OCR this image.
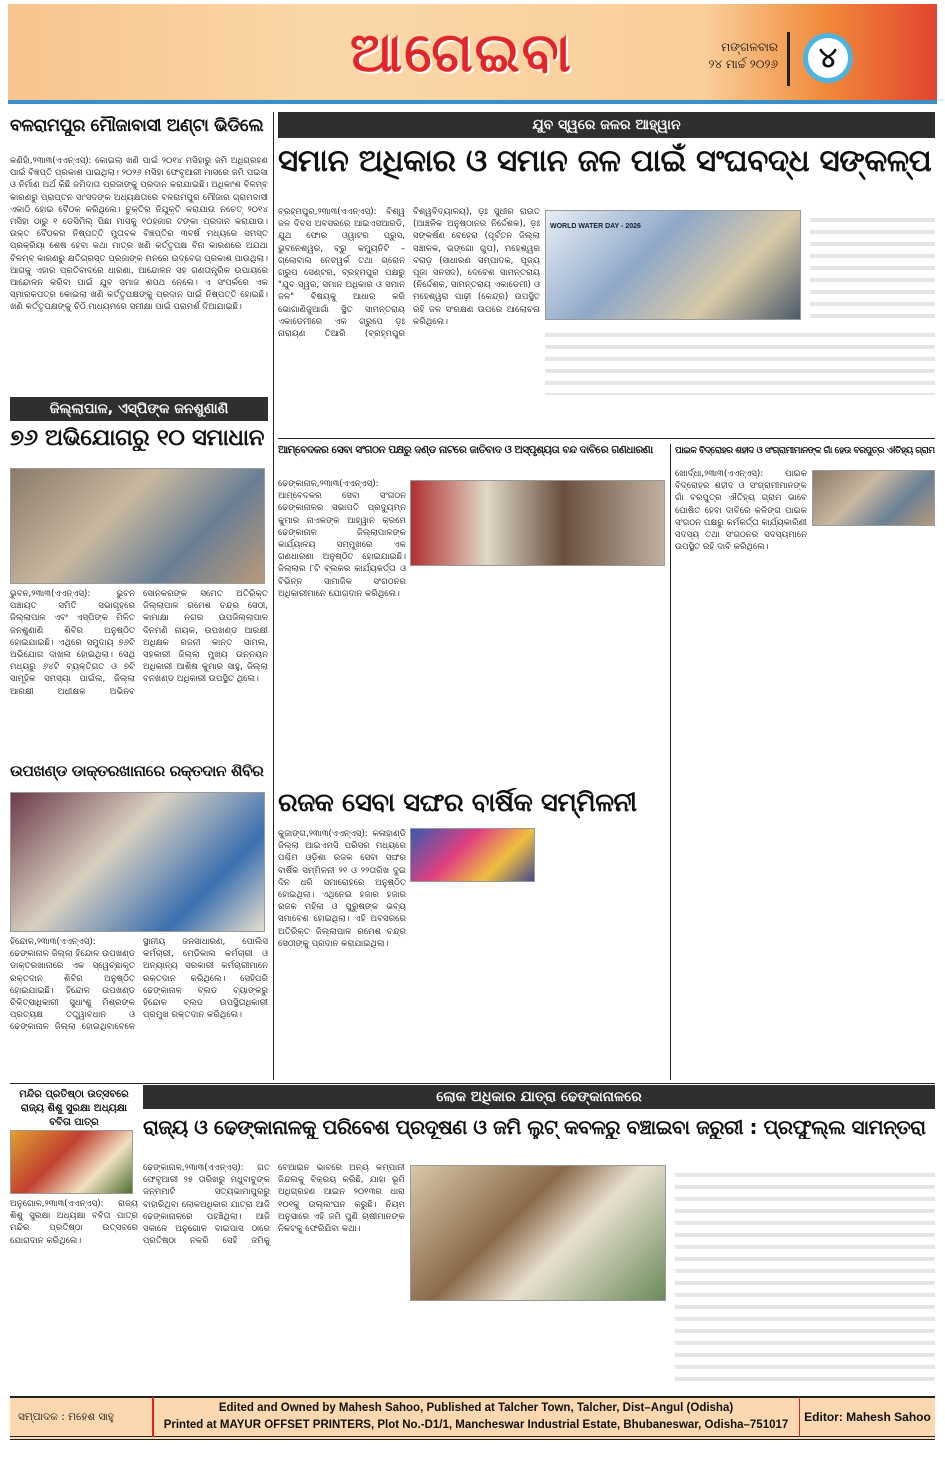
ଆଗେଇବା	ମଙ୍ଗଳବାର
୨୪ ମାର୍ଚ୍ଚ ୨୦୨୬	୪
ବଳରାମପୁର ମୌଜାବାସୀ ଅଣ୍ଟା ଭିଡିଲେ
କଣିହାଁ,୨୩ା୩(ଏଏନ୍‌ଏସ୍‌): କୋଇଲା ଖଣି ପାଇଁ ୨୦୧୪ ମସିହାରୁ ଜମି ଅଧିଗ୍ରହଣ ପାଇଁ ବିଜ୍ଞପ୍ତି ପ୍ରକାଶ ପାଇଥିଲା। ୨୦୨୬ ମସିହା ଫେବୃଆରୀ ମାସରେ ଜମି ପଇସା ଓ ନିର୍ମାଣ ଅର୍ଥ କିଛି ଜମିଦାତା ପ୍ରଜାଙ୍କୁ ପ୍ରଦାନ କରାଯାଇଛି। ଅଧିକାଂଶ ବିଳମ୍ବ କାରଣରୁ ପ୍ରାପ୍ତନ ସାଂସଦଙ୍କ ଅଧ୍ୟକ୍ଷତାରେ ବଳରାମପୁର ମୌଜାର ଗ୍ରାମବାସୀ ଏକାଠି ହୋଇ ବୈଠକ କରିଥିଲେ। ଚୁକ୍ତିର ନିଯୁକ୍ତି କରାଯାଉ ନଚେତ୍ ୨୦୧୪ ମସିହା ଠାରୁ ୧ ଡେସିମିଲ୍ ପିଛା ମାସକୁ ୧୦ହଜାର ଟଙ୍କା ପ୍ରଦାନ କରାଯାଉ। ଉକ୍ତ ବୈଠକର ନିଷ୍ପତ୍ତି ମୁତାବକ ବିଜ୍ଞପ୍ତିର ୩ବର୍ଷ ମଧ୍ୟରେ ସମସ୍ତ ପ୍ରକ୍ରିୟା ଶେଷ ହେବା କଥା ମାତ୍ର ଖଣି କର୍ତ୍ତୃପକ୍ଷ ବିନା କାରଣରେ ଅଯଥା ବିଳମ୍ବ କାରଣରୁ କ୍ଷତିଗ୍ରସ୍ତ ପ୍ରଜାଙ୍କ ମନରେ ଉଦ୍‌ବେଗ ପ୍ରକାଶ ପାଉଥିଲା। ଆଗକୁ ଏହାର ପ୍ରତିବାଦରେ ଧାରଣା, ଆନ୍ଦୋଳନ ସହ ଗଣତାନ୍ତ୍ରିକ ଉପାୟରେ ଆନ୍ଦୋଳନ କରିବା ପାଇଁ ଯୁବ ସମାଜ ଶପଥ ନେଲେ। ଏ ସଂପର୍କରେ ଏକ ସ୍ମାରକପତ୍ର କୋଇଲା ଖଣି କର୍ତ୍ତୃପକ୍ଷଙ୍କୁ ପ୍ରଦାନ ପାଇଁ ନିଷ୍ପତ୍ତି ହୋଇଛି। ଖଣି କର୍ତ୍ତୃପକ୍ଷଙ୍କୁ ଚିଠି ମାଧ୍ୟମରେ ସମୀକ୍ଷା ପାଇଁ ପରାମର୍ଶ ଦିଆଯାଇଛି।
ଜିଲ୍ଲାପାଳ, ଏସ୍‌ପିଙ୍କ ଜନଶୁଣାଣି
୭୬ ଅଭିଯୋଗରୁ ୧୦ ସମାଧାନ
ଭୁବନ,୨୩ା୩(ଏଏନ୍‌ଏସ୍‌): ଭୁବନ ପଞ୍ଚାୟତ ସମିତି ସଭାଗୃହରେ ଜିଲ୍ଲାପାଳ ଏବଂ ଏସ୍‌ପିଙ୍କ ମିଳିତ ଜନଶୁଣାଣି ଶିବିର ଅନୁଷ୍ଠିତ ହୋଇଯାଇଛି। ଏଥିରେ ସମୁଦାୟ ୭୬ଟି ଅଭିଯୋଗ ଦାଖଲ ହୋଇଥିଲା। ସେଥି ମଧ୍ୟରୁ ୬୪ଟି ବ୍ୟକ୍ତିଗତ ଓ ୭ଟି ସାମୂହିକ ସମସ୍ୟା ପାଇଁଲ, ଜିଲ୍ଲା ଆରକ୍ଷୀ ଅଧୀକ୍ଷକ ଅଭିନବ ସୋନକରଙ୍କ ସମେତ ଅତିରିକ୍ତ ଜିଲ୍ଲାପାଳ ରମେଶ ଚନ୍ଦ୍ର ସେଠୀ, କାମାକ୍ଷା ନଗର ଉପଜିଲ୍ଲାପାଳ ଦିନମଣି ନାୟକ, ଉପଖଣ୍ଡ ଆରକ୍ଷୀ ଅଧିକ୍ଷକ ରଜନୀ କାନ୍ତ ସାମଲ, ସହକାରୀ ଜିଲ୍ଲା ମୁଖ୍ୟ ଉନ୍ନୟନ ଅଧିକାରୀ ଆଶିଷ କୁମାର ସାହୁ, ଜିଲ୍ଲା ବନଖଣ୍ଡ ଅଧିକାରୀ ଉପସ୍ଥିତ ଥିଲେ।
ଉପଖଣ୍ଡ ଡାକ୍ତରଖାନାରେ ରକ୍ତଦାନ ଶିବିର
ହିନ୍ଦୋଳ,୨୩ା୩(ଏଏନ୍‌ଏସ୍‌): ଢେଙ୍କାନାଳ ଜିଲ୍ଲା ହିନ୍ଦୋଳ ଉପଖଣ୍ଡ ଡାକ୍ତରଖାନାରେ ଏକ ସ୍ୱେଚ୍ଛାକୃତ ରକ୍ତଦାନ ଶିବିର ଅନୁଷ୍ଠିତ ହୋଇଯାଇଛି। ହିନ୍ଦୋଳ ଉପଖଣ୍ଡ ଚିକିତ୍ସାଧିକାରୀ ସୁଧାଂଶୁ ମିଶ୍ରଙ୍କ ପ୍ରତ୍ୟକ୍ଷ ତତ୍ତ୍ୱାବଧାନ ଓ ଢେଙ୍କାନାଳ ଜିଲ୍ଲା ହୋଇଥିବାବେଳେ ସ୍ଥାନୀୟ ଜନସାଧାରଣ, ପୋଲିସ କର୍ମଚାରୀ, ମେଡିକାଲ କର୍ମଚାରୀ ଓ ଅନ୍ୟାନ୍ୟ ସରକାରୀ କର୍ମଚାରୀମାନେ ରକ୍ତଦାନ କରିଥିଲେ। ସେହିପରି ଢେଙ୍କାନାଳ ବ୍ଲଡ ବ୍ୟାଙ୍କରୁ ହିନ୍ଦୋଳ ବ୍ଲଡ ଉପସ୍ଥିତାଧିକାରୀ ପ୍ରମୁଖ ରକ୍ତଦାନ କରିଥିଲେ।
ଯୁବ ସ୍ୱରେ ଜଳର ଆହ୍ୱାନ
ସମାନ ଅଧିକାର ଓ ସମାନ ଜଳ ପାଇଁ ସଂଘବଦ୍ଧ ସଙ୍କଳ୍ପ
ବ୍ରହ୍ମପୁର,୨୩ା୩(ଏଏନ୍‌ଏସ୍‌): ବିଶ୍ୱ ଜଳ ଦିବସ ଅବସରରେ ଆଇଏସଆରଡି, ଯୁଥ ଫୋର ଓ୍ୱାଟର ପ୍ରୁସ, ଭୁବନେଶ୍ୱର, ବ୍ରୁ କମ୍ୟୁନିଟି – ଗ୍ଲୋବାଲ ନେଟୱର୍କ ତଥା ଗ୍ରୋନ ଗ୍ରୁପ ସେଣ୍ଟର, ବ୍ରହ୍ମପୁର ପକ୍ଷରୁ "ଯୁବ ସ୍ୱର, ସମାନ ଅଧିକାର ଓ ସମାନ ଜଳ" ବିଷୟକୁ ଆଧାର କରି ଭୋଗାଣିଜୁଆଗାଁ ସ୍ଥିତ ସାମନ୍ତରାୟ ଏକାଡେମୀରେ ଏକ ଗ୍ରୁପେ ଡ଼ଃ ନାରାୟଣ ତିଆରି (ବ୍ରହ୍ମପୁର ବିଶ୍ୱବିଦ୍ୟାଳୟ), ଡ଼ଃ ସୁଧୀର ରାଉତ (ଆଞ୍ଚଳିକ ଅନୁଷ୍ଠାନର ନିର୍ଦ୍ଦେଶକ), ଡ଼ଃ ସଙ୍କର୍ଷଣ ବେହେରା (ପୂର୍ବତନ ଜିଲ୍ଲା ସଞ୍ଚାଳକ, ଭଙ୍ଗୋ ଗୁପ), ମହେଶ୍ୱର ବରାଡ଼ (ସାଧାରଣ ସମ୍ପାଦକ, ପୂଜ୍ୟ ପୂଜା ସନସଦ), ଦେବେଶ ସାମନ୍ତରାୟ (ନିର୍ଦ୍ଦେଶକ, ସାମନ୍ତରାୟ ଏକାଡେମୀ) ଓ ମହେଶ୍ୱରା ପାଢ଼ୀ (କେନ୍ଦ୍ର) ଉପସ୍ଥିତ ରହି ଜଳ ସଂରକ୍ଷଣ ଉପରେ ଆଲୋଚନା କରିଥିଲେ।
WORLD WATER DAY - 2026
ଆମ୍ବେଦକର ସେବା ସଂଗଠନ ପକ୍ଷରୁ ଦଣ୍ଡ ନାଟରେ ଜାତିବାଦ ଓ ଅସ୍ପୃଶ୍ୟତା ବନ୍ଦ ଦାବିରେ ଗଣଧାରଣା	ପାଇକ ବିଦ୍ରୋହର ଶହୀଦ ଓ ସଂଗ୍ରାମୀମାନଙ୍କ ଗାଁ ହେଉ ବରପୁତ୍ର ଐତିହ୍ୟ ଗ୍ରାମ
ଢେଙ୍କାନାଳ,୨୩ା୩(ଏଏନ୍‌ଏସ୍‌): ଆମ୍ବେଦକର ସେବା ସଂଗଠନ ଢେଙ୍କାନାଳର ସଭାପତି ପ୍ରଦ୍ୟୁମ୍ନ କୁମାର ନାଏକଙ୍କ ଆହ୍ୱାନ କ୍ରମେ ଢେଙ୍କାନାଳ ଜିଲ୍ଲାପାଳଙ୍କ କାର୍ଯ୍ୟାଳୟ ସମ୍ମୁଖରେ ଏକ ଗଣଧାରଣା ଅନୁଷ୍ଠିତ ହୋଇଯାଇଛି। ଜିଲ୍ଲାର ୮ଟି ବ୍ଲକର କାର୍ଯ୍ୟକର୍ତ୍ତା ଓ ବିଭିନ୍ନ ସାମାଜିକ ସଂଗଠନର ଅଧିକାରୀମାନେ ଯୋଗଦାନ କରିଥିଲେ।
ଖୋର୍ଦ୍ଧା,୨୩ା୩(ଏଏନ୍‌ଏସ୍‌): ପାଇକ ବିଦ୍ରୋହର ଶହୀଦ ଓ ସଂଗ୍ରାମୀମାନଙ୍କ ଗାଁ ବରପୁତ୍ର ଐତିହ୍ୟ ଗ୍ରାମ ଭାବେ ଘୋଷିତ ହେବା ଦାବିରେ କଳିଙ୍ଗ ପାଇକ ସଂଗଠନ ପକ୍ଷରୁ କର୍ମକର୍ତ୍ତା କାର୍ଯ୍ୟକାରିଣୀ ସଦସ୍ୟ ତଥା ସଂଗଠନର ସଦସ୍ୟମାନେ ଉପସ୍ଥିତ ରହି ଦାବି କରିଥିଲେ।
ରଜକ ସେବା ସଙ୍ଘର ବାର୍ଷିକ ସମ୍ମିଳନୀ
କୁଜାଙ୍ଗ,୨୩ା୩(ଏଏନ୍‌ଏସ୍‌): କଳାହାଣ୍ଡି ଜିଲ୍ଲା ଆଇଏମସି ପରିସର ମଧ୍ୟରେ ପଶ୍ଚିମ ଓଡ଼ିଶା ରଜକ ସେବା ସଙ୍ଘର ବାର୍ଷିକ ସମ୍ମିଳନୀ ୨୧ ଓ ୨୨ତାରିଖ ଦୁଇ ଦିନ ଧରି ସମାରୋହରେ ଅନୁଷ୍ଠିତ ହୋଇଥିଲା। ଏଥିନେଇ ହଜାର ହଜାର ରଜକ ମହିଳା ଓ ପୁରୁଷଙ୍କ ଭବ୍ୟ ସମାବେଶ ହୋଇଥିଲା। ଏହି ଅବସରରେ ଅତିରିକ୍ତ ଜିଲ୍ଲାପାଳ ରମେଶ ଚନ୍ଦ୍ର ସେଠୀଙ୍କୁ ପ୍ରଦାନ କରାଯାଇଥିଲା।
ମନ୍ଦିର ପ୍ରତିଷ୍ଠା ଉତ୍ସବରେ ରାଜ୍ୟ ଶିଶୁ ସୁରକ୍ଷା ଅଧ୍ୟକ୍ଷା ବବିତା ପାତ୍ର
ଅନୁଗୋଳ,୨୩ା୩(ଏଏନ୍‌ଏସ୍‌): ରାଜ୍ୟ ଶିଶୁ ସୁରକ୍ଷା ଅଧ୍ୟକ୍ଷା ବବିତା ପାତ୍ର ମନ୍ଦିର ପ୍ରତିଷ୍ଠା ଉତ୍ସବରେ ଯୋଗଦାନ କରିଥିଲେ।
ଲୋକ ଅଧିକାର ଯାତ୍ରା ଢେଙ୍କାନାଳରେ
ରାଜ୍ୟ ଓ ଢେଙ୍କାନାଳକୁ ପରିବେଶ ପ୍ରଦୂଷଣ ଓ ଜମି ଲୁଟ୍ କବଳରୁ ବଞ୍ଚାଇବା ଜରୁରୀ : ପ୍ରଫୁଲ୍ଲ ସାମନ୍ତରା
ଢେଙ୍କାନାଳ,୨୩ା୩(ଏଏନ୍‌ଏସ୍‌): ଗତ ଫେବୃଆରୀ ୨୫ ତାରିଖରୁ ମଧୁବାବୁଙ୍କ ଜନ୍ମମାଟି ସତ୍ୟଭାମାପୁରରୁ ବାହାରିଥିବା ଲୋକଅଧିକାର ଯାତ୍ରା ଆଜି ଢେଙ୍କାନାଳରେ ପହଞ୍ଚିଥିଲା। ଆଜି ସକାଳେ ଅନୁଗୋଳ ବାଇପାସ ଠାରେ ପ୍ରତିଷ୍ଠା ନକରି ସେହି ଜମିକୁ ବେଆଇନ ଭାବରେ ଅନ୍ୟ କମ୍ପାନୀ ଜିନ୍ଦଲକୁ ବିକ୍ରୟ କରିଛି, ଯାହା ଭୂମି ଅଧିଗ୍ରହଣ ଆଇନ ୨୦୧୩ର ଧାରା ୧୦୧କୁ ଉଲ୍ଲଂଘନ କରୁଛି। ନିୟମ ଅନୁସାରେ ଏହି ଜମି ପୁଣି ଚାଷୀମାନଙ୍କ ନିକଟକୁ ଫେରିଯିବା କଥା।
ସମ୍ପାଦକ : ମହେଶ ସାହୁ
Edited and Owned by Mahesh Sahoo, Published at Talcher Town, Talcher, Dist–Angul (Odisha)
Printed at MAYUR OFFSET PRINTERS, Plot No.-D1/1, Mancheswar Industrial Estate, Bhubaneswar, Odisha–751017
Editor: Mahesh Sahoo
